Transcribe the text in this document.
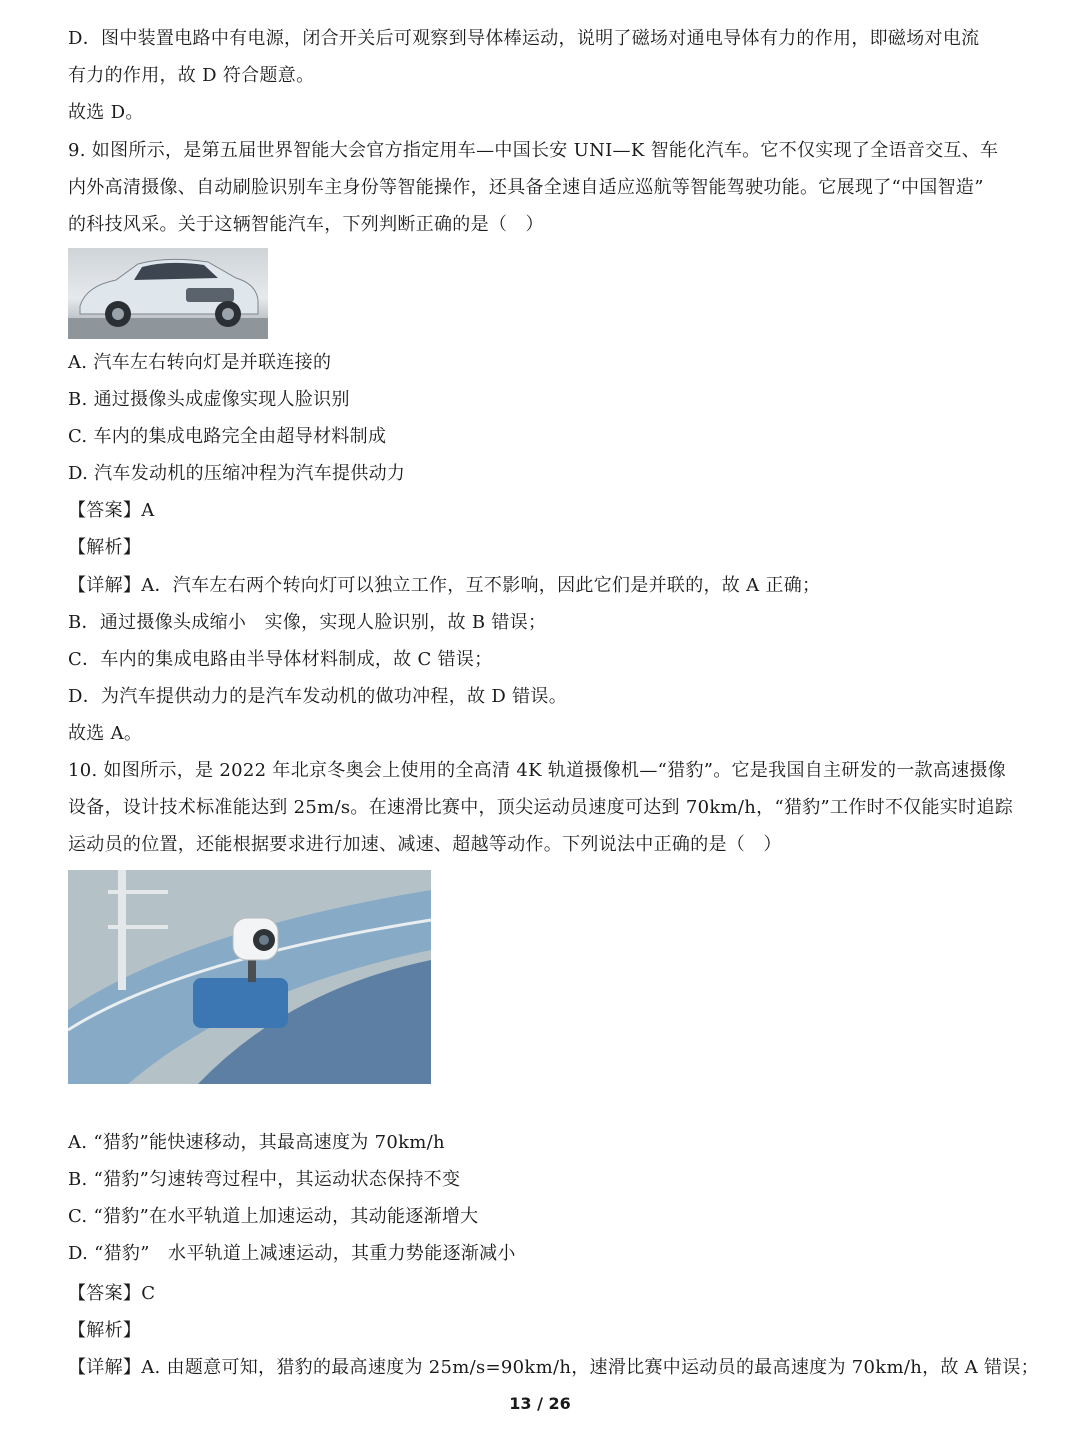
D．图中装置电路中有电源，闭合开关后可观察到导体棒运动，说明了磁场对通电导体有力的作用，即磁场对电流
有力的作用，故 D 符合题意。
故选 D。
9. 如图所示，是第五届世界智能大会官方指定用车—中国长安 UNI—K 智能化汽车。它不仅实现了全语音交互、车
内外高清摄像、自动刷脸识别车主身份等智能操作，还具备全速自适应巡航等智能驾驶功能。它展现了“中国智造”
的科技风采。关于这辆智能汽车，下列判断正确的是（　）
A. 汽车左右转向灯是并联连接的
B. 通过摄像头成虚像实现人脸识别
C. 车内的集成电路完全由超导材料制成
D. 汽车发动机的压缩冲程为汽车提供动力
【答案】A
【解析】
【详解】A．汽车左右两个转向灯可以独立工作，互不影响，因此它们是并联的，故 A 正确；
B．通过摄像头成缩小　实像，实现人脸识别，故 B 错误；
C．车内的集成电路由半导体材料制成，故 C 错误；
D．为汽车提供动力的是汽车发动机的做功冲程，故 D 错误。
故选 A。
10. 如图所示，是 2022 年北京冬奥会上使用的全高清 4K 轨道摄像机—“猎豹”。它是我国自主研发的一款高速摄像
设备，设计技术标准能达到 25m/s。在速滑比赛中，顶尖运动员速度可达到 70km/h，“猎豹”工作时不仅能实时追踪
运动员的位置，还能根据要求进行加速、减速、超越等动作。下列说法中正确的是（　）
A. “猎豹”能快速移动，其最高速度为 70km/h
B. “猎豹”匀速转弯过程中，其运动状态保持不变
C. “猎豹”在水平轨道上加速运动，其动能逐渐增大
D. “猎豹”　水平轨道上减速运动，其重力势能逐渐减小
【答案】C
【解析】
【详解】A. 由题意可知，猎豹的最高速度为 25m/s=90km/h，速滑比赛中运动员的最高速度为 70km/h，故 A 错误；
13 / 26
